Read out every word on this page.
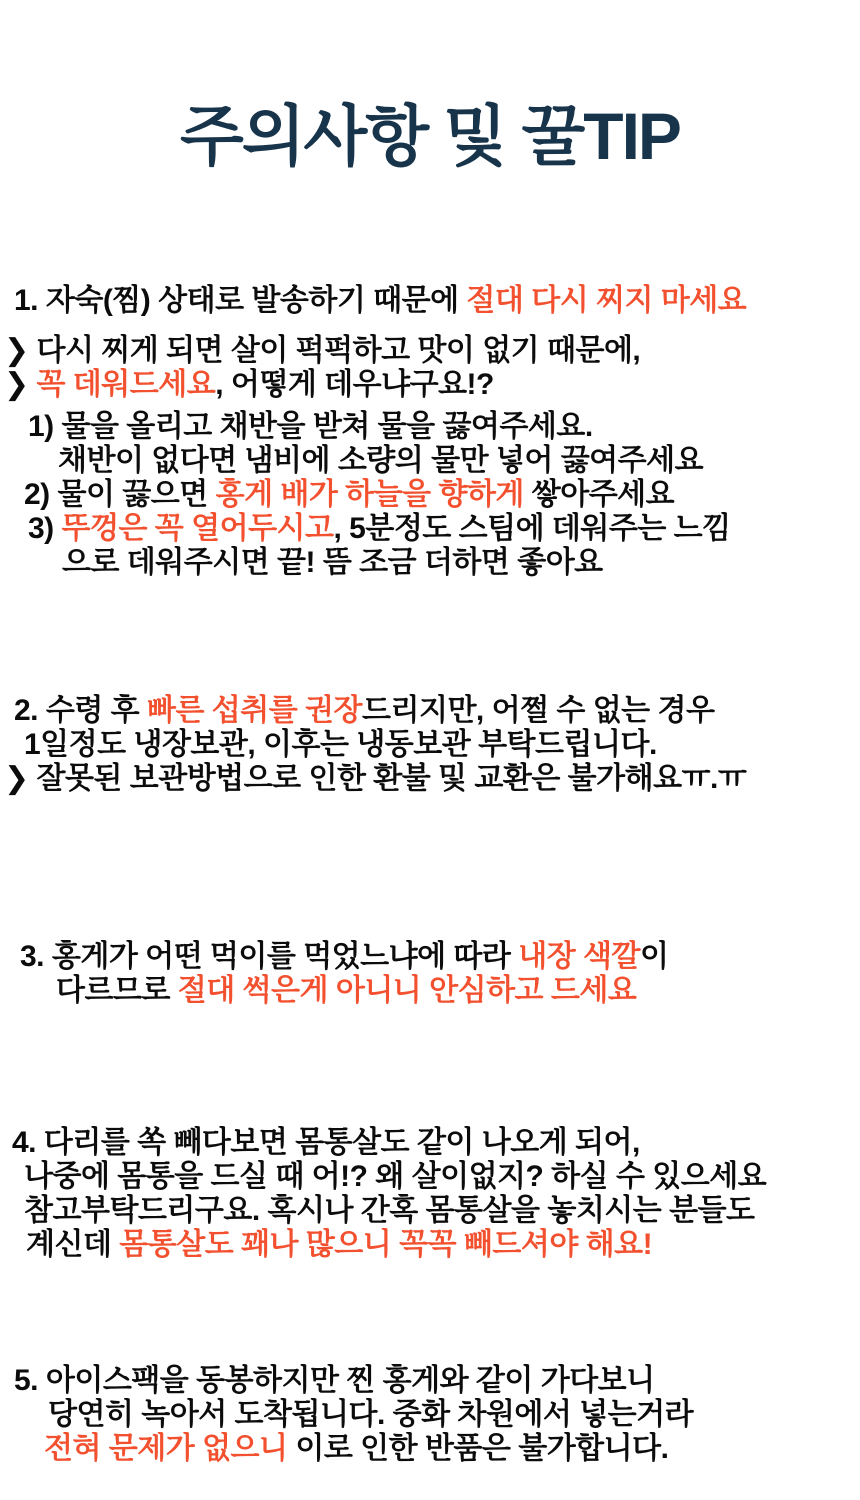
주의사항 및 꿀TIP
1. 자숙(찜) 상태로 발송하기 때문에 절대 다시 찌지 마세요
❯ 다시 찌게 되면 살이 퍽퍽하고 맛이 없기 때문에,
❯ 꼭 데워드세요, 어떻게 데우냐구요!?
1) 물을 올리고 채반을 받쳐 물을 끓여주세요.
채반이 없다면 냄비에 소량의 물만 넣어 끓여주세요
2) 물이 끓으면 홍게 배가 하늘을 향하게 쌓아주세요
3) 뚜껑은 꼭 열어두시고, 5분정도 스팀에 데워주는 느낌
으로 데워주시면 끝! 뜸 조금 더하면 좋아요
2. 수령 후 빠른 섭취를 권장드리지만, 어쩔 수 없는 경우
1일정도 냉장보관, 이후는 냉동보관 부탁드립니다.
❯ 잘못된 보관방법으로 인한 환불 및 교환은 불가해요ㅠ.ㅠ
3. 홍게가 어떤 먹이를 먹었느냐에 따라 내장 색깔이
다르므로 절대 썩은게 아니니 안심하고 드세요
4. 다리를 쏙 빼다보면 몸통살도 같이 나오게 되어,
나중에 몸통을 드실 때 어!? 왜 살이없지? 하실 수 있으세요
참고부탁드리구요. 혹시나 간혹 몸통살을 놓치시는 분들도
계신데 몸통살도 꽤나 많으니 꼭꼭 빼드셔야 해요!
5. 아이스팩을 동봉하지만 찐 홍게와 같이 가다보니
당연히 녹아서 도착됩니다. 중화 차원에서 넣는거라
전혀 문제가 없으니 이로 인한 반품은 불가합니다.
